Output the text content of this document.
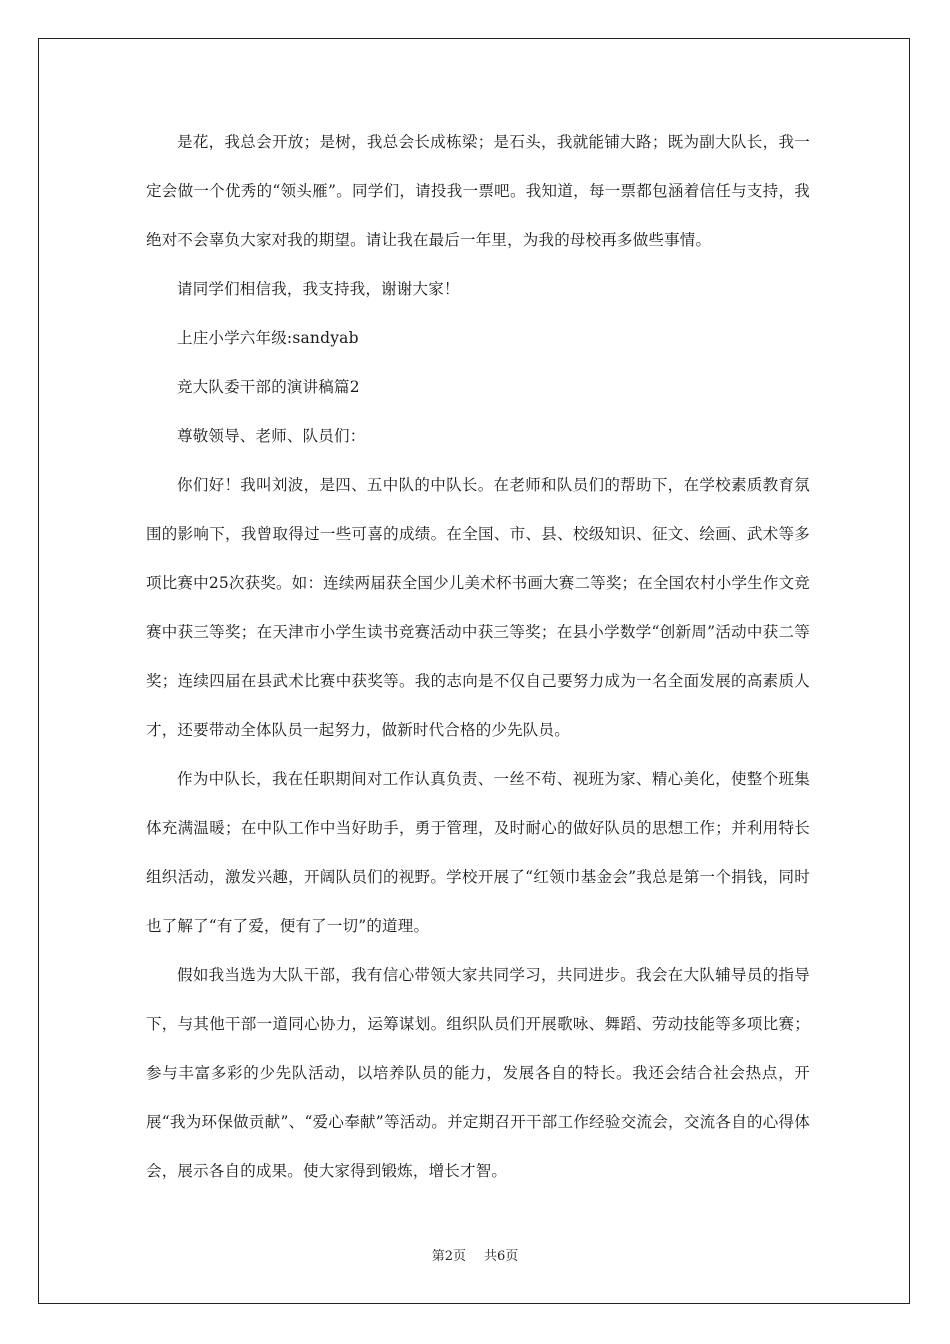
是花，我总会开放；是树，我总会长成栋梁；是石头，我就能铺大路；既为副大队长，我一定会做一个优秀的“领头雁”。同学们，请投我一票吧。我知道，每一票都包涵着信任与支持，我绝对不会辜负大家对我的期望。请让我在最后一年里，为我的母校再多做些事情。

请同学们相信我，我支持我，谢谢大家！

上庄小学六年级:sandyab

竞大队委干部的演讲稿篇2

尊敬领导、老师、队员们：

你们好！我叫刘波，是四、五中队的中队长。在老师和队员们的帮助下，在学校素质教育氛围的影响下，我曾取得过一些可喜的成绩。在全国、市、县、校级知识、征文、绘画、武术等多项比赛中25次获奖。如：连续两届获全国少儿美术杯书画大赛二等奖；在全国农村小学生作文竞赛中获三等奖；在天津市小学生读书竞赛活动中获三等奖；在县小学数学“创新周”活动中获二等奖；连续四届在县武术比赛中获奖等。我的志向是不仅自己要努力成为一名全面发展的高素质人才，还要带动全体队员一起努力，做新时代合格的少先队员。

作为中队长，我在任职期间对工作认真负责、一丝不苟、视班为家、精心美化，使整个班集体充满温暖；在中队工作中当好助手，勇于管理，及时耐心的做好队员的思想工作；并利用特长组织活动，激发兴趣，开阔队员们的视野。学校开展了“红领巾基金会”我总是第一个捐钱，同时也了解了“有了爱，便有了一切”的道理。

假如我当选为大队干部，我有信心带领大家共同学习，共同进步。我会在大队辅导员的指导下，与其他干部一道同心协力，运筹谋划。组织队员们开展歌咏、舞蹈、劳动技能等多项比赛；参与丰富多彩的少先队活动，以培养队员的能力，发展各自的特长。我还会结合社会热点，开展“我为环保做贡献”、“爱心奉献”等活动。并定期召开干部工作经验交流会，交流各自的心得体会，展示各自的成果。使大家得到锻炼，增长才智。

第2页 共6页
